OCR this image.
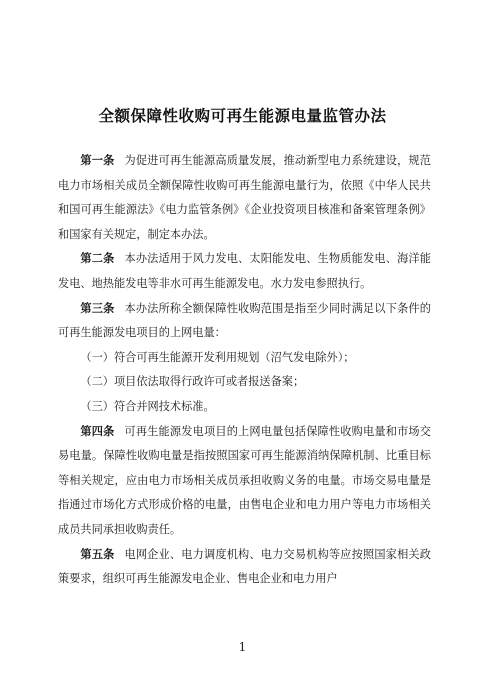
全额保障性收购可再生能源电量监管办法

第一条 为促进可再生能源高质量发展，推动新型电力系统建设，规范电力市场相关成员全额保障性收购可再生能源电量行为，依照《中华人民共和国可再生能源法》《电力监管条例》《企业投资项目核准和备案管理条例》和国家有关规定，制定本办法。

第二条 本办法适用于风力发电、太阳能发电、生物质能发电、海洋能发电、地热能发电等非水可再生能源发电。水力发电参照执行。

第三条 本办法所称全额保障性收购范围是指至少同时满足以下条件的可再生能源发电项目的上网电量：

（一）符合可再生能源开发利用规划（沼气发电除外）；

（二）项目依法取得行政许可或者报送备案；

（三）符合并网技术标准。

第四条 可再生能源发电项目的上网电量包括保障性收购电量和市场交易电量。保障性收购电量是指按照国家可再生能源消纳保障机制、比重目标等相关规定，应由电力市场相关成员承担收购义务的电量。市场交易电量是指通过市场化方式形成价格的电量，由售电企业和电力用户等电力市场相关成员共同承担收购责任。

第五条 电网企业、电力调度机构、电力交易机构等应按照国家相关政策要求，组织可再生能源发电企业、售电企业和电力用户

1
